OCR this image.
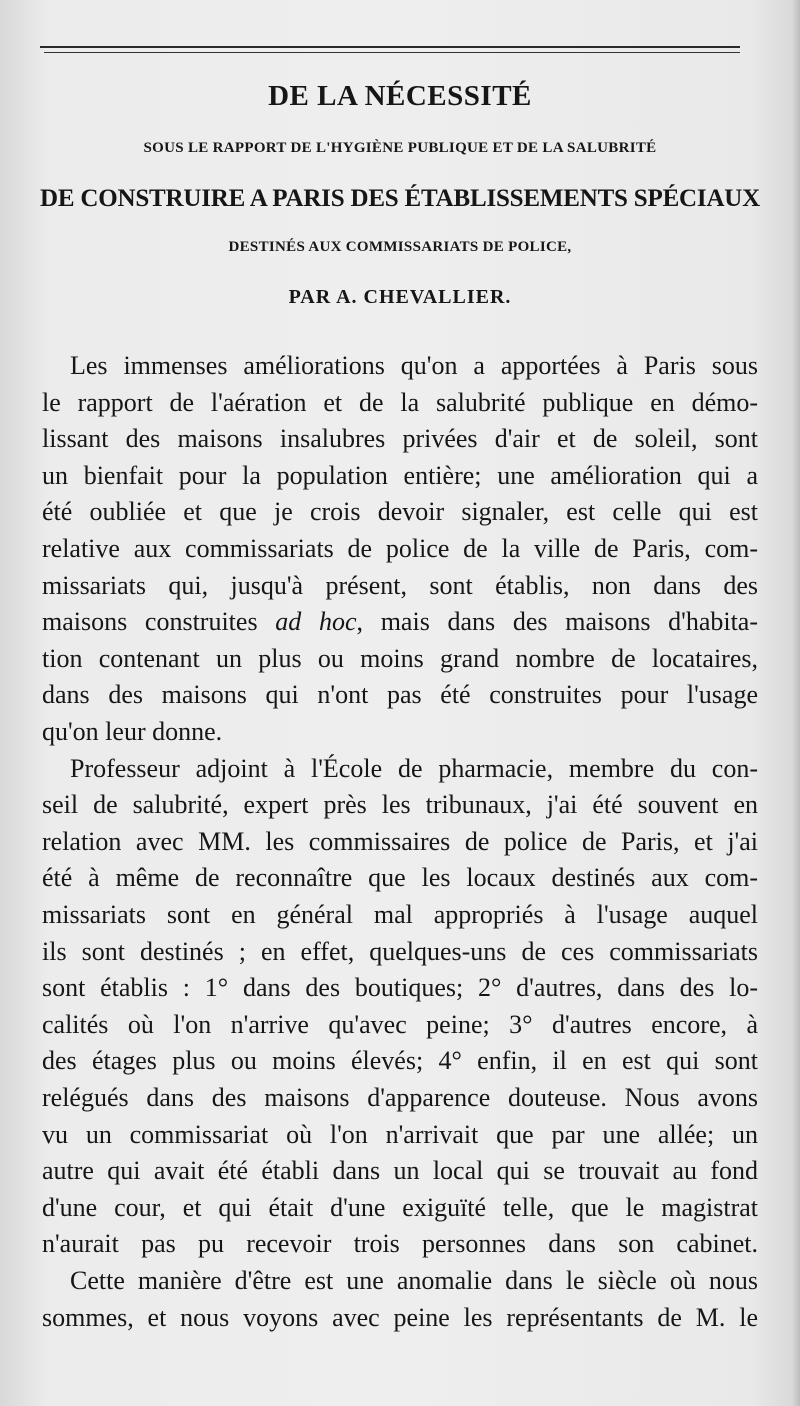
DE LA NÉCESSITÉ
SOUS LE RAPPORT DE L'HYGIÈNE PUBLIQUE ET DE LA SALUBRITÉ
DE CONSTRUIRE A PARIS DES ÉTABLISSEMENTS SPÉCIAUX
DESTINÉS AUX COMMISSARIATS DE POLICE,
PAR A. CHEVALLIER.

Les immenses améliorations qu'on a apportées à Paris sous

le rapport de l'aération et de la salubrité publique en démo-

lissant des maisons insalubres privées d'air et de soleil, sont

un bienfait pour la population entière; une amélioration qui a

été oubliée et que je crois devoir signaler, est celle qui est

relative aux commissariats de police de la ville de Paris, com-

missariats qui, jusqu'à présent, sont établis, non dans des

maisons construites ad hoc, mais dans des maisons d'habita-

tion contenant un plus ou moins grand nombre de locataires,

dans des maisons qui n'ont pas été construites pour l'usage

qu'on leur donne.

Professeur adjoint à l'École de pharmacie, membre du con-

seil de salubrité, expert près les tribunaux, j'ai été souvent en

relation avec MM. les commissaires de police de Paris, et j'ai

été à même de reconnaître que les locaux destinés aux com-

missariats sont en général mal appropriés à l'usage auquel

ils sont destinés ; en effet, quelques-uns de ces commissariats

sont établis : 1° dans des boutiques; 2° d'autres, dans des lo-

calités où l'on n'arrive qu'avec peine; 3° d'autres encore, à

des étages plus ou moins élevés; 4° enfin, il en est qui sont

relégués dans des maisons d'apparence douteuse. Nous avons

vu un commissariat où l'on n'arrivait que par une allée; un

autre qui avait été établi dans un local qui se trouvait au fond

d'une cour, et qui était d'une exiguïté telle, que le magistrat

n'aurait pas pu recevoir trois personnes dans son cabinet.

Cette manière d'être est une anomalie dans le siècle où nous

sommes, et nous voyons avec peine les représentants de M. le
